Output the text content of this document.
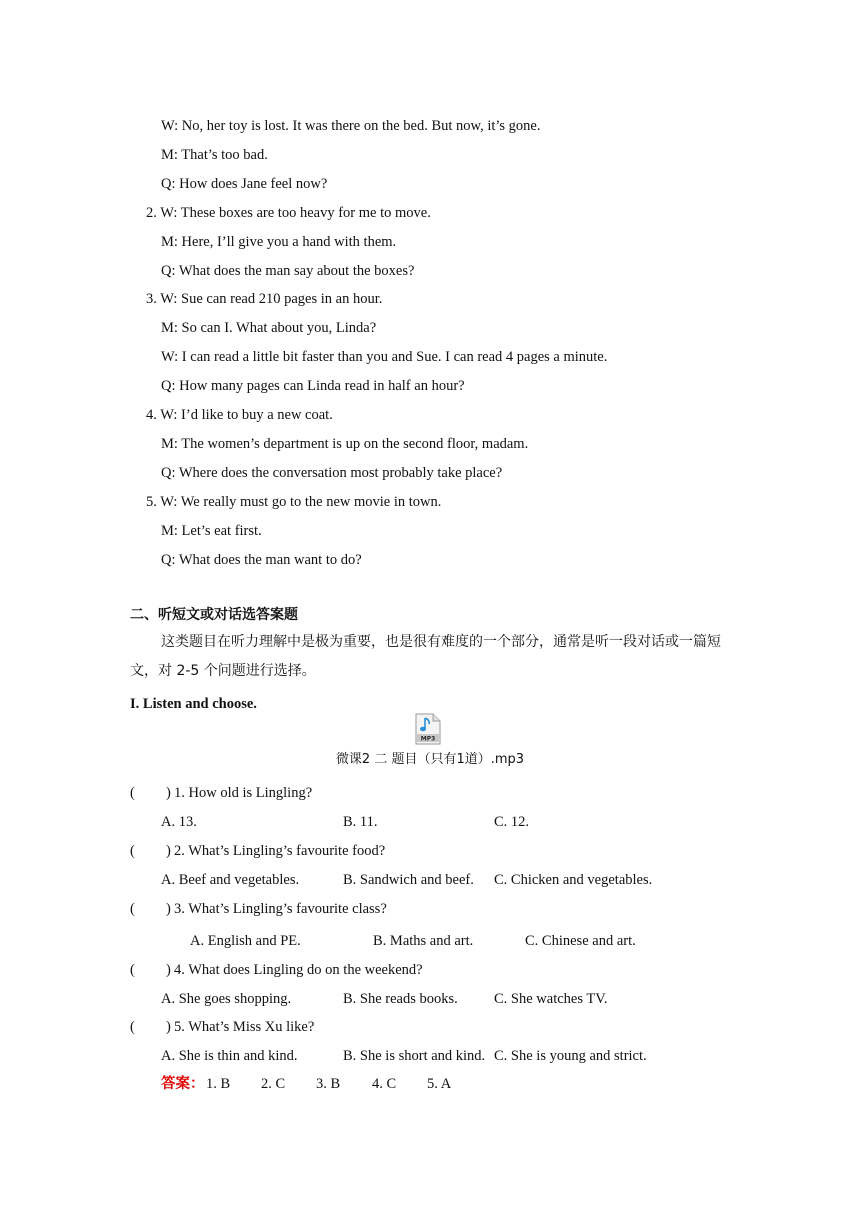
W: No, her toy is lost. It was there on the bed. But now, it’s gone.
M: That’s too bad.
Q: How does Jane feel now?
2. W: These boxes are too heavy for me to move.
M: Here, I’ll give you a hand with them.
Q: What does the man say about the boxes?
3. W: Sue can read 210 pages in an hour.
M: So can I. What about you, Linda?
W: I can read a little bit faster than you and Sue. I can read 4 pages a minute.
Q: How many pages can Linda read in half an hour?
4. W: I’d like to buy a new coat.
M: The women’s department is up on the second floor, madam.
Q: Where does the conversation most probably take place?
5. W: We really must go to the new movie in town.
M: Let’s eat first.
Q: What does the man want to do?
二、听短文或对话选答案题
这类题目在听力理解中是极为重要，也是很有难度的一个部分，通常是听一段对话或一篇短文，对 2-5 个问题进行选择。
I. Listen and choose.
MP3
微课2 二 题目（只有1道）.mp3
( ) 1. How old is Lingling?
A. 13.	B. 11.	C. 12.
( ) 2. What’s Lingling’s favourite food?
A. Beef and vegetables.	B. Sandwich and beef. C. Chicken and vegetables.
( ) 3. What’s Lingling’s favourite class?
A. English and PE.	B. Maths and art.	C. Chinese and art.
( ) 4. What does Lingling do on the weekend?
A. She goes shopping.	B. She reads books. C. She watches TV.
( ) 5. What’s Miss Xu like?
A. She is thin and kind.	B. She is short and kind. C. She is young and strict.
答案： 1. B 2. C 3. B 4. C 5. A
